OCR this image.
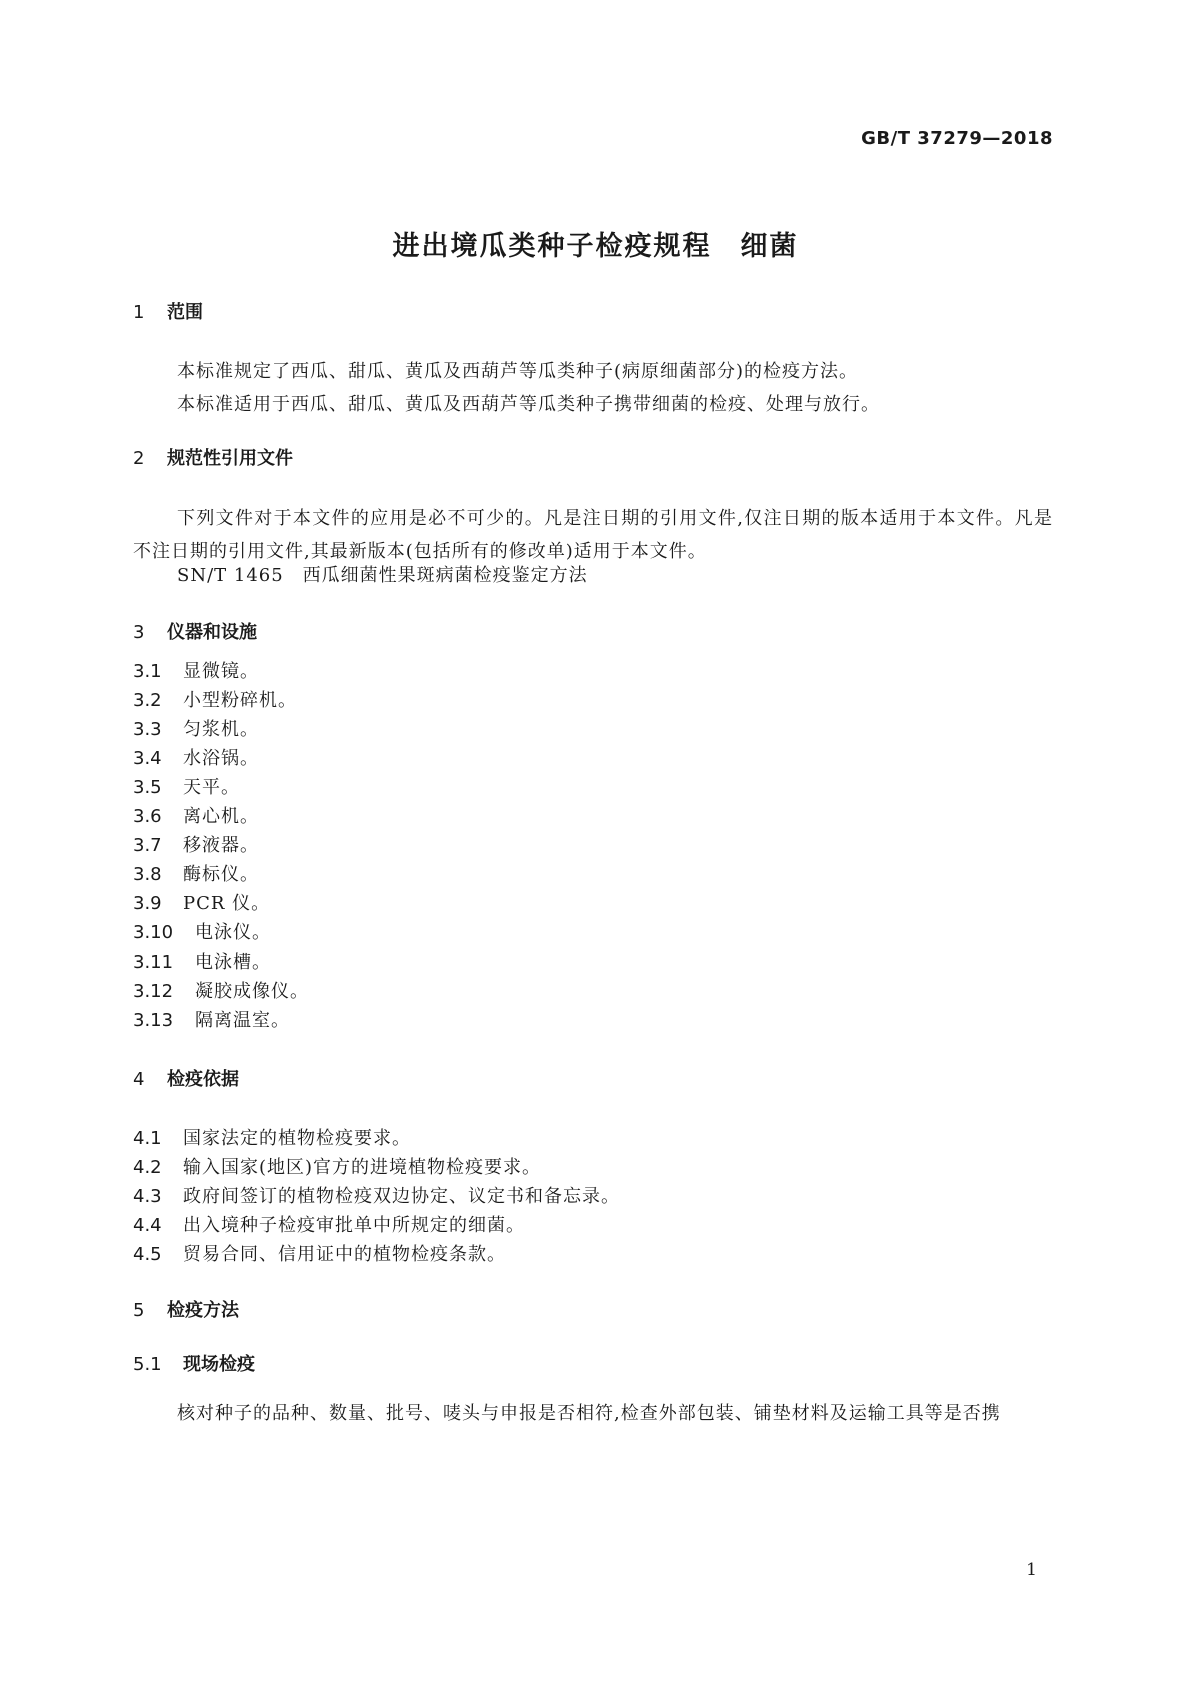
GB/T 37279—2018
进出境瓜类种子检疫规程　细菌
1 范围
本标准规定了西瓜、甜瓜、黄瓜及西葫芦等瓜类种子(病原细菌部分)的检疫方法。
本标准适用于西瓜、甜瓜、黄瓜及西葫芦等瓜类种子携带细菌的检疫、处理与放行。
2 规范性引用文件
下列文件对于本文件的应用是必不可少的。凡是注日期的引用文件,仅注日期的版本适用于本文件。凡是不注日期的引用文件,其最新版本(包括所有的修改单)适用于本文件。
SN/T 1465　西瓜细菌性果斑病菌检疫鉴定方法
3 仪器和设施
3.1 显微镜。
3.2 小型粉碎机。
3.3 匀浆机。
3.4 水浴锅。
3.5 天平。
3.6 离心机。
3.7 移液器。
3.8 酶标仪。
3.9 PCR 仪。
3.10 电泳仪。
3.11 电泳槽。
3.12 凝胶成像仪。
3.13 隔离温室。
4 检疫依据
4.1 国家法定的植物检疫要求。
4.2 输入国家(地区)官方的进境植物检疫要求。
4.3 政府间签订的植物检疫双边协定、议定书和备忘录。
4.4 出入境种子检疫审批单中所规定的细菌。
4.5 贸易合同、信用证中的植物检疫条款。
5 检疫方法
5.1 现场检疫
核对种子的品种、数量、批号、唛头与申报是否相符,检查外部包装、铺垫材料及运输工具等是否携
1
